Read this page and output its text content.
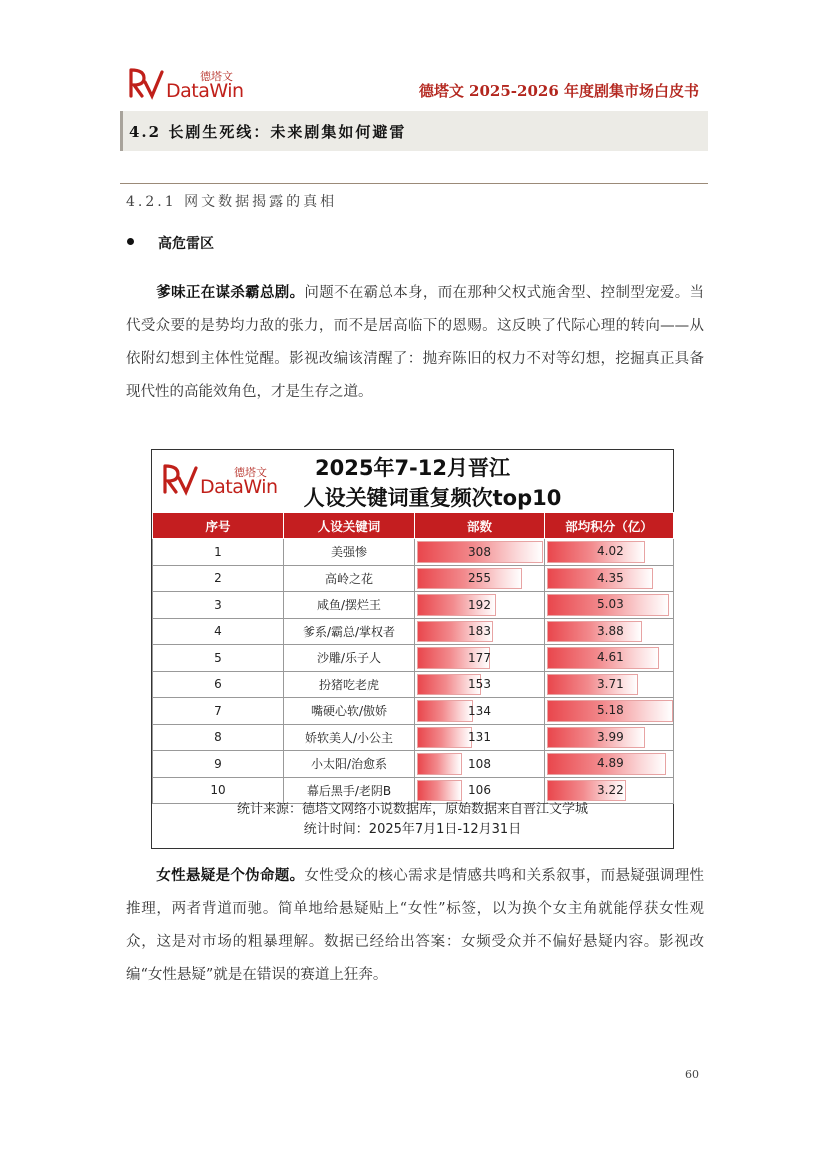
德塔文
DataWin	德塔文 2025-2026 年度剧集市场白皮书
4.2 长剧生死线：未来剧集如何避雷
4.2.1 网文数据揭露的真相
高危雷区

爹味正在谋杀霸总剧。问题不在霸总本身，而在那种父权式施舍型、控制型宠爱。当代受众要的是势均力敌的张力，而不是居高临下的恩赐。这反映了代际心理的转向——从依附幻想到主体性觉醒。影视改编该清醒了：抛弃陈旧的权力不对等幻想，挖掘真正具备现代性的高能效角色，才是生存之道。

德塔文
DataWin
2025年7-12月晋江
人设关键词重复频次top10
序号	人设关键词	部数	部均积分（亿）
1	美强惨	308	4.02

2	高岭之花	255	4.35

3	咸鱼/摆烂王	192	5.03

4	爹系/霸总/掌权者	183	3.88

5	沙雕/乐子人	177	4.61

6	扮猪吃老虎	153	3.71

7	嘴硬心软/傲娇	134	5.18

8	娇软美人/小公主	131	3.99

9	小太阳/治愈系	108	4.89

10	幕后黑手/老阴B	106	3.22
统计来源：德塔文网络小说数据库，原始数据来自晋江文学城
统计时间：2025年7月1日-12月31日

女性悬疑是个伪命题。女性受众的核心需求是情感共鸣和关系叙事，而悬疑强调理性推理，两者背道而驰。简单地给悬疑贴上“女性”标签，以为换个女主角就能俘获女性观众，这是对市场的粗暴理解。数据已经给出答案：女频受众并不偏好悬疑内容。影视改编“女性悬疑”就是在错误的赛道上狂奔。

60
